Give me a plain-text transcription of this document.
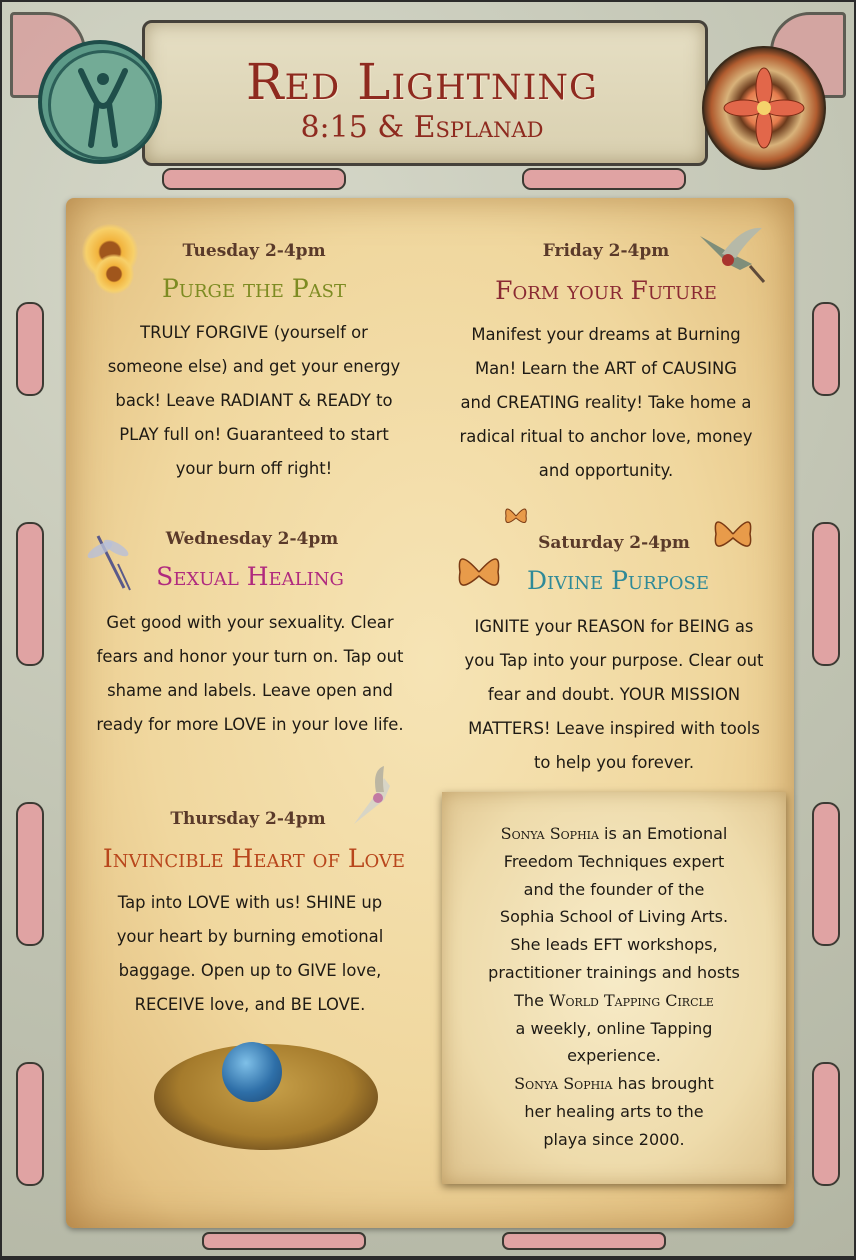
Red Lightning
8:15 & Esplanad
Tuesday 2-4pm
Purge the Past
TRULY FORGIVE (yourself or
someone else) and get your energy
back! Leave RADIANT & READY to
PLAY full on! Guaranteed to start
your burn off right!
Friday 2-4pm
Form your Future
Manifest your dreams at Burning
Man! Learn the ART of CAUSING
and CREATING reality! Take home a
radical ritual to anchor love, money
and opportunity.
Wednesday 2-4pm
Sexual Healing
Get good with your sexuality. Clear
fears and honor your turn on. Tap out
shame and labels. Leave open and
ready for more LOVE in your love life.
Saturday 2-4pm
Divine Purpose
IGNITE your REASON for BEING as
you Tap into your purpose. Clear out
fear and doubt. YOUR MISSION
MATTERS! Leave inspired with tools
to help you forever.
Thursday 2-4pm
Invincible Heart of Love
Tap into LOVE with us! SHINE up
your heart by burning emotional
baggage. Open up to GIVE love,
RECEIVE love, and BE LOVE.
Sonya Sophia is an Emotional
Freedom Techniques expert
and the founder of the
Sophia School of Living Arts.
She leads EFT workshops,
practitioner trainings and hosts
The World Tapping Circle
a weekly, online Tapping
experience.
Sonya Sophia has brought
her healing arts to the
playa since 2000.
